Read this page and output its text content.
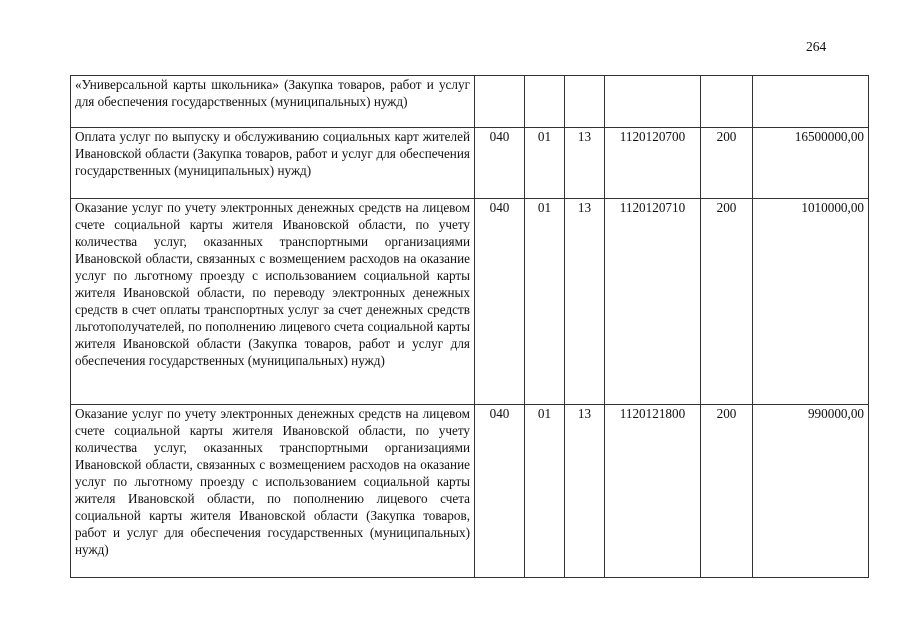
264
«Универсальной карты школьника» (Закупка товаров, работ и услуг для обеспечения государственных (муниципальных) нужд)						
Оплата услуг по выпуску и обслуживанию социальных карт жителей Ивановской области (Закупка товаров, работ и услуг для обеспечения государственных (муниципальных) нужд)	040	01	13	1120120700	200	16500000,00
Оказание услуг по учету электронных денежных средств на лицевом счете социальной карты жителя Ивановской области, по учету количества услуг, оказанных транспортными организациями Ивановской области, связанных с возмещением расходов на оказание услуг по льготному проезду с использованием социальной карты жителя Ивановской области, по переводу электронных денежных средств в счет оплаты транспортных услуг за счет денежных средств льготополучателей, по пополнению лицевого счета социальной карты жителя Ивановской области (Закупка товаров, работ и услуг для обеспечения государственных (муниципальных) нужд)	040	01	13	1120120710	200	1010000,00
Оказание услуг по учету электронных денежных средств на лицевом счете социальной карты жителя Ивановской области, по учету количества услуг, оказанных транспортными организациями Ивановской области, связанных с возмещением расходов на оказание услуг по льготному проезду с использованием социальной карты жителя Ивановской области, по пополнению лицевого счета социальной карты жителя Ивановской области (Закупка товаров, работ и услуг для обеспечения государственных (муниципальных) нужд)	040	01	13	1120121800	200	990000,00
